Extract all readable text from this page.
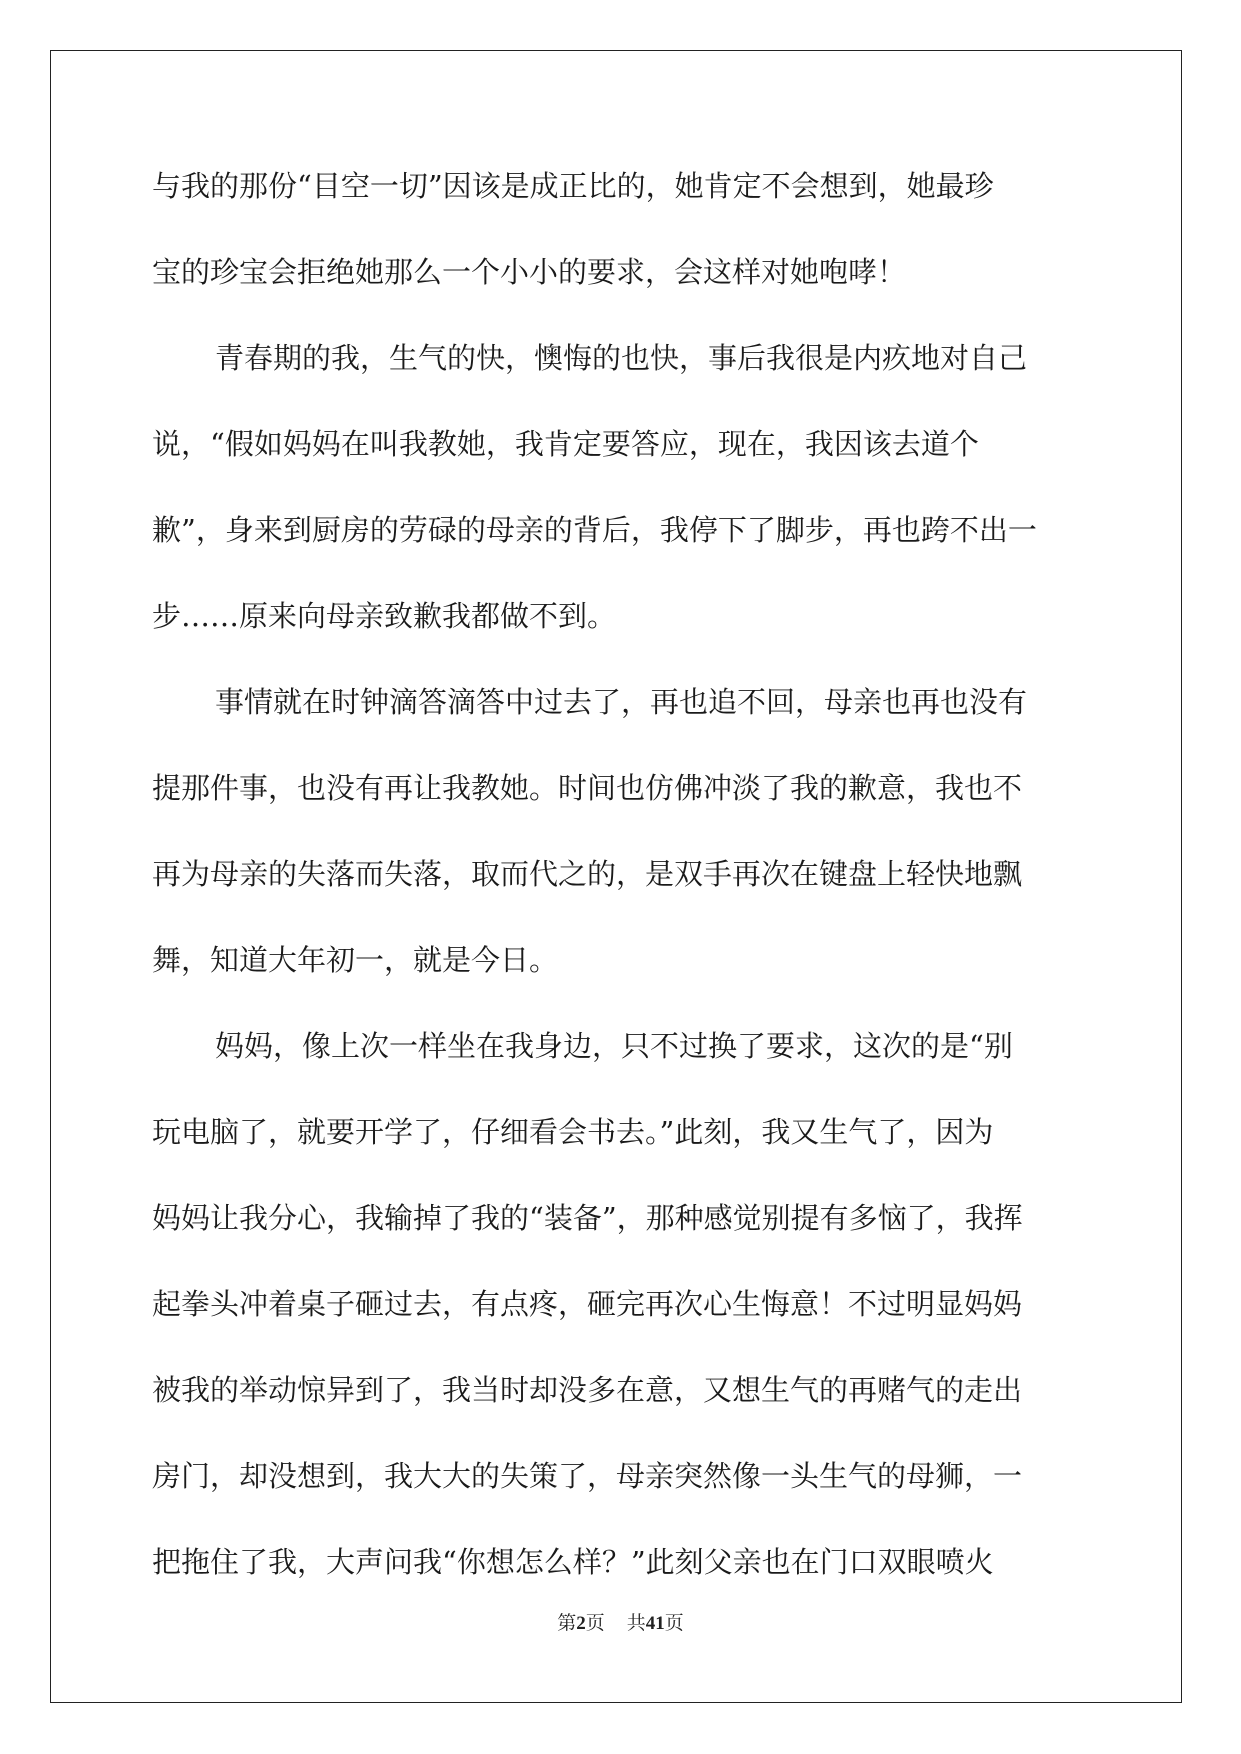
与我的那份“目空一切”因该是成正比的，她肯定不会想到，她最珍
宝的珍宝会拒绝她那么一个小小的要求，会这样对她咆哮！
青春期的我，生气的快，懊悔的也快，事后我很是内疚地对自己
说，“假如妈妈在叫我教她，我肯定要答应，现在，我因该去道个
歉”，身来到厨房的劳碌的母亲的背后，我停下了脚步，再也跨不出一
步……原来向母亲致歉我都做不到。
事情就在时钟滴答滴答中过去了，再也追不回，母亲也再也没有
提那件事，也没有再让我教她。时间也仿佛冲淡了我的歉意，我也不
再为母亲的失落而失落，取而代之的，是双手再次在键盘上轻快地飘
舞，知道大年初一，就是今日。
妈妈，像上次一样坐在我身边，只不过换了要求，这次的是“别
玩电脑了，就要开学了，仔细看会书去。”此刻，我又生气了，因为
妈妈让我分心，我输掉了我的“装备”，那种感觉别提有多恼了，我挥
起拳头冲着桌子砸过去，有点疼，砸完再次心生悔意！不过明显妈妈
被我的举动惊异到了，我当时却没多在意，又想生气的再赌气的走出
房门，却没想到，我大大的失策了，母亲突然像一头生气的母狮，一
把拖住了我，大声问我“你想怎么样？”此刻父亲也在门口双眼喷火
第2页 共41页
